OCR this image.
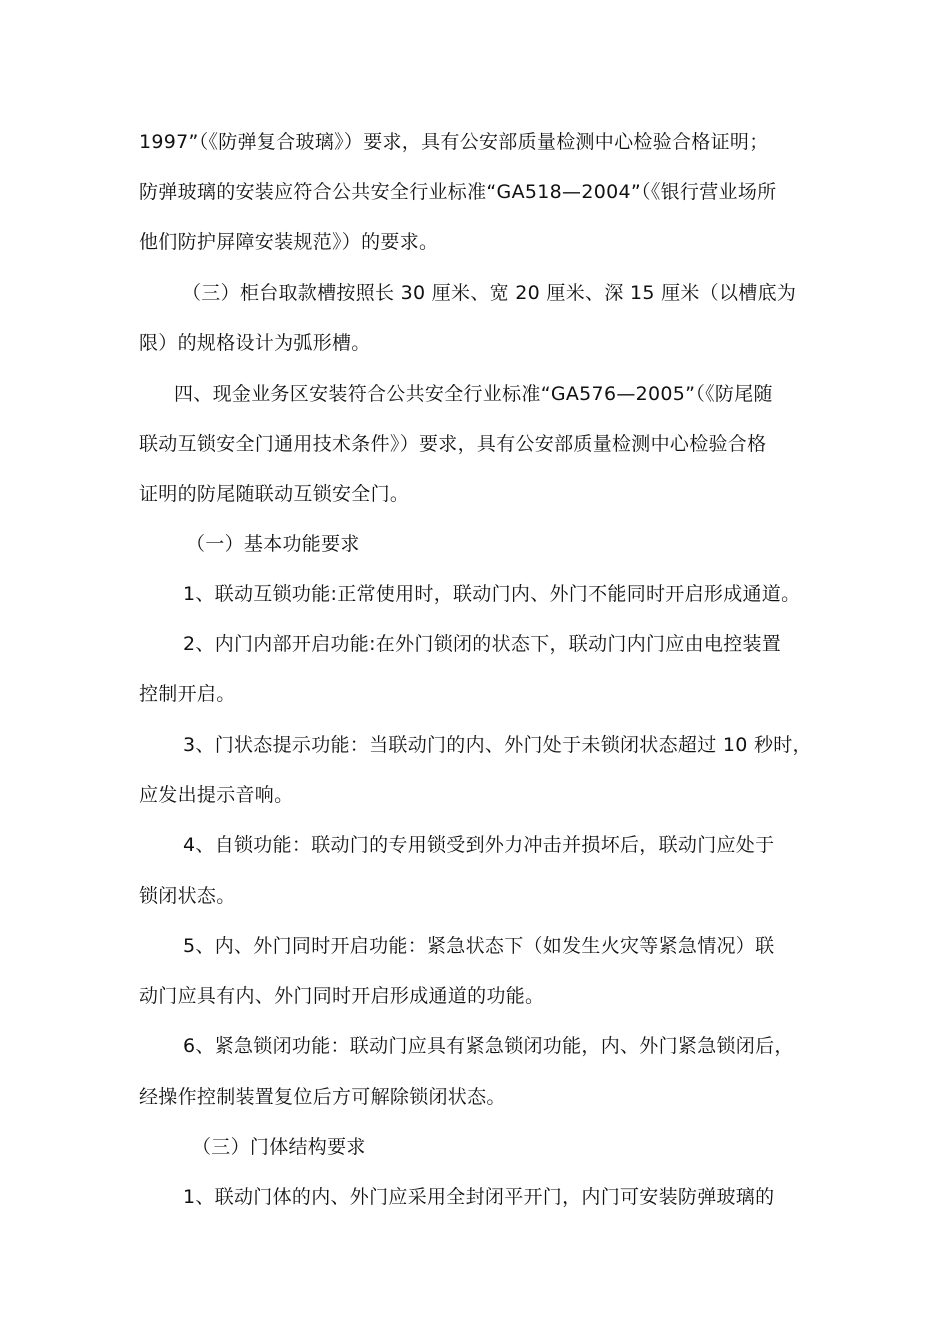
1997”（《防弹复合玻璃》）要求，具有公安部质量检测中心检验合格证明；
防弹玻璃的安装应符合公共安全行业标准“GA518—2004”（《银行营业场所
他们防护屏障安装规范》）的要求。
（三）柜台取款槽按照长 30 厘米、宽 20 厘米、深 15 厘米（以槽底为
限）的规格设计为弧形槽。
四、现金业务区安装符合公共安全行业标准“GA576—2005”（《防尾随
联动互锁安全门通用技术条件》）要求，具有公安部质量检测中心检验合格
证明的防尾随联动互锁安全门。
（一）基本功能要求
1、联动互锁功能:正常使用时，联动门内、外门不能同时开启形成通道。
2、内门内部开启功能:在外门锁闭的状态下，联动门内门应由电控装置
控制开启。
3、门状态提示功能：当联动门的内、外门处于未锁闭状态超过 10 秒时，
应发出提示音响。
4、自锁功能：联动门的专用锁受到外力冲击并损坏后，联动门应处于
锁闭状态。
5、内、外门同时开启功能：紧急状态下（如发生火灾等紧急情况）联
动门应具有内、外门同时开启形成通道的功能。
6、紧急锁闭功能：联动门应具有紧急锁闭功能，内、外门紧急锁闭后，
经操作控制装置复位后方可解除锁闭状态。
（三）门体结构要求
1、联动门体的内、外门应采用全封闭平开门，内门可安装防弹玻璃的
